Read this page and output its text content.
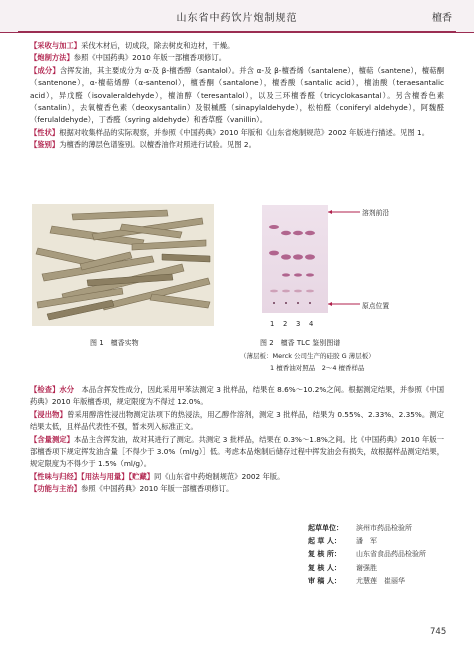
山东省中药饮片炮制规范	檀香

【采收与加工】采伐木材后，切成段，除去树皮和边材，干燥。

【炮制方法】参照《中国药典》2010 年版一部檀香项修订。

【成分】含挥发油，其主要成分为 α-及 β-檀香醇（santalol）。并含 α-及 β-檀香烯（santalene），檀萜（santene），檀萜酮（santenone），α-檀萜烯醇（α-santenol），檀香酮（santalone），檀香酸（santalic acid），檀油酸（teraesantalic acid），异戊醛（isovaleraldehyde），檀油醇（teresantalol），以及三环檀香醛（tricyclokasantal）。另含檀香色素（santalin），去氧檀香色素（deoxysantalin）及银槭醛（sinapylaldehyde），松柏醛（coniferyl aldehyde），阿魏醛（ferulaldehyde），丁香醛（syring aldehyde）和香草醛（vanillin）。

【性状】根据对收集样品的实际观察，并参照《中国药典》2010 年版和《山东省炮制规范》2002 年版进行描述。见图 1。

【鉴别】为檀香的薄层色谱鉴别。以檀香油作对照进行试验。见图 2。

图 1　檀香实物
溶剂前沿
原点位置
1 2 3 4
图 2　檀香 TLC 鉴别图谱
（薄层板：Merck 公司生产的硅胶 G 薄层板）
1 檀香油对照品　2～4 檀香样品

【检查】水分　 本品含挥发性成分，因此采用甲苯法测定 3 批样品，结果在 8.6%～10.2%之间。根据测定结果，并参照《中国药典》2010 年版檀香项，规定限度为不得过 12.0%。

【浸出物】曾采用醇溶性浸出物测定法项下的热浸法，用乙醇作溶剂，测定 3 批样品，结果为 0.55%、2.33%、2.35%。测定结果太低，且样品代表性不强，暂未列入标准正文。

【含量测定】本品主含挥发油，故对其进行了测定。共测定 3 批样品，结果在 0.3%～1.8%之间。比《中国药典》2010 年版一部檀香项下规定挥发油含量［不得少于 3.0%（ml/g）］低。考虑本品炮制后储存过程中挥发油会有损失，故根据样品测定结果，规定限度为不得少于 1.5%（ml/g）。

【性味与归经】【用法与用量】【贮藏】同《山东省中药炮制规范》2002 年版。

【功能与主治】参照《中国药典》2010 年版一部檀香项修订。

起草单位：	滨州市药品检验所
起 草 人：	潘　军
复 核 所：	山东省食品药品检验所
复 核 人：	谢强胜
审 稿 人：	尤慧莲　崔丽华
745
